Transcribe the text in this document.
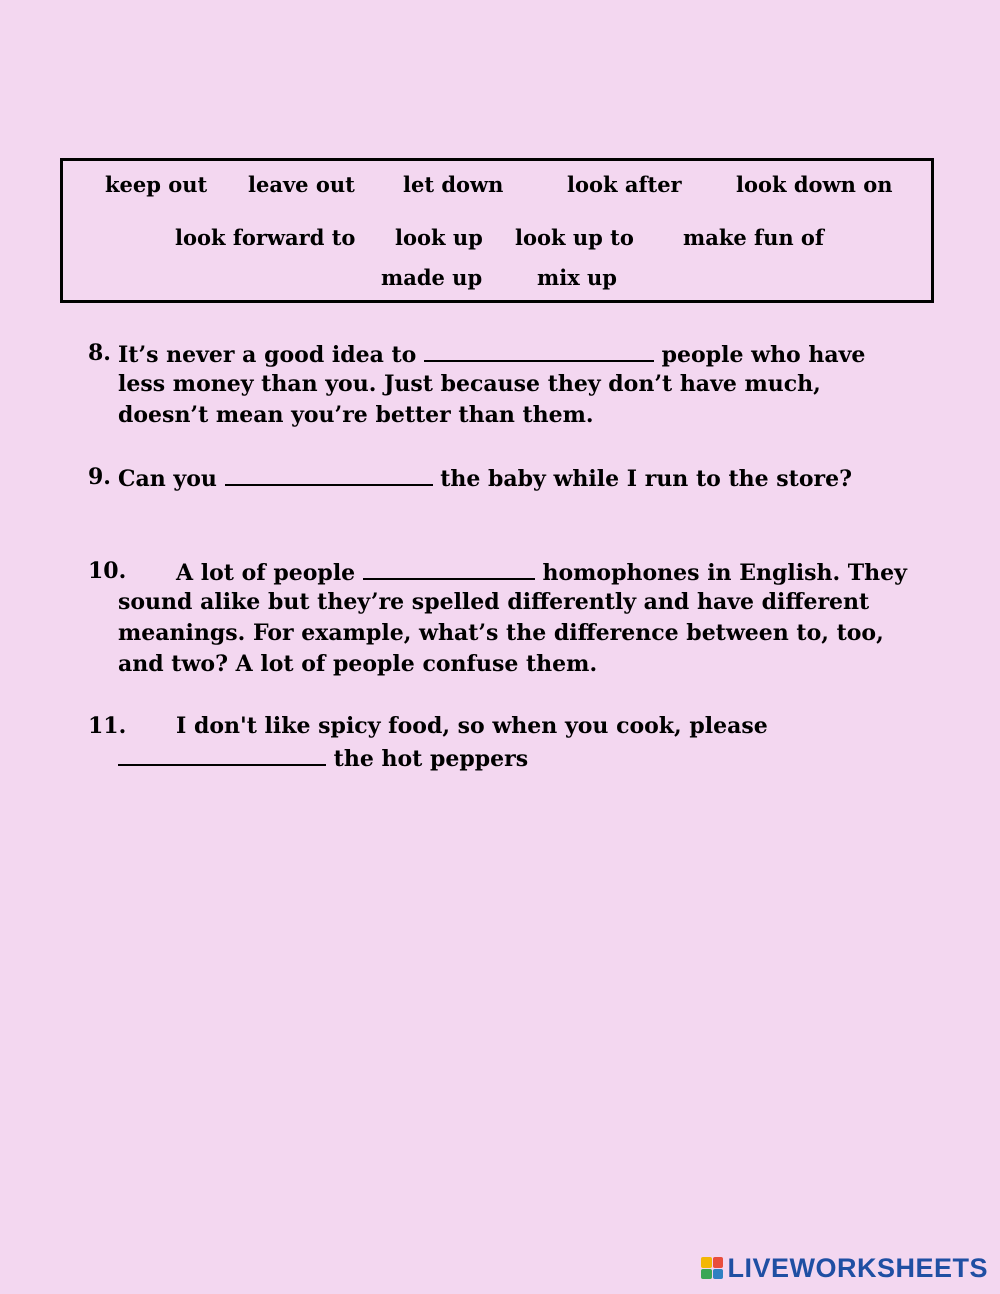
keep out leave out let down	look after	look down on
look forward to look up look up to make fun of
made up	mix up
8. It’s never a good idea to	people who have
less money than you. Just because they don’t have much,
doesn’t mean you’re better than them.
9. Can you	the baby while I run to the store?
10. A lot of people	homophones in English. They
sound alike but they’re spelled differently and have different
meanings. For example, what’s the difference between to, too,
and two? A lot of people confuse them.
11. I don't like spicy food, so when you cook, please
the hot peppers
LIVEWORKSHEETS
